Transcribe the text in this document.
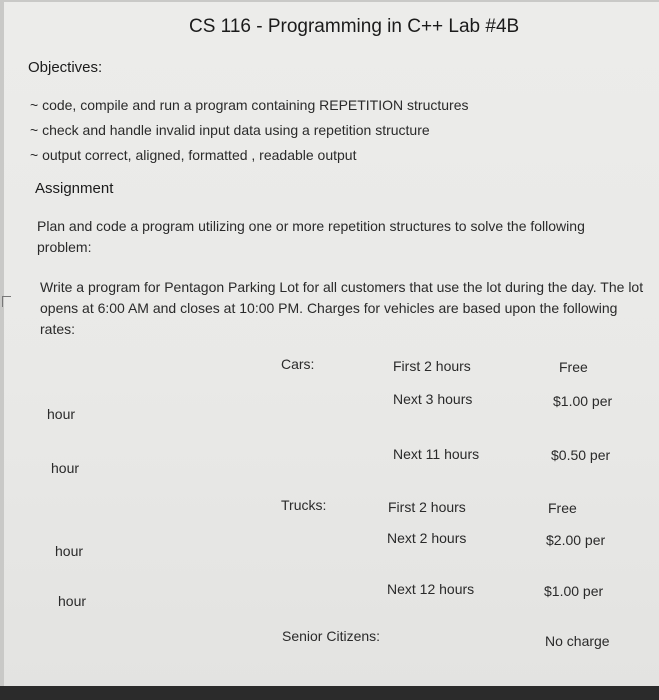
CS 116 - Programming in C++ Lab #4B
Objectives:
~ code, compile and run a program containing REPETITION structures
~ check and handle invalid input data using a repetition structure
~ output correct, aligned, formatted , readable output
Assignment
Plan and code a program utilizing one or more repetition structures to solve the following problem:
Write a program for Pentagon Parking Lot for all customers that use the lot during the day. The lot opens at 6:00 AM and closes at 10:00 PM. Charges for vehicles are based upon the following rates:
Cars:	First 2 hours	Free
Next 3 hours	$1.00 per
hour
Next 11 hours	$0.50 per
hour
Trucks:	First 2 hours	Free
Next 2 hours	$2.00 per
hour
Next 12 hours	$1.00 per
hour
Senior Citizens:	No charge
